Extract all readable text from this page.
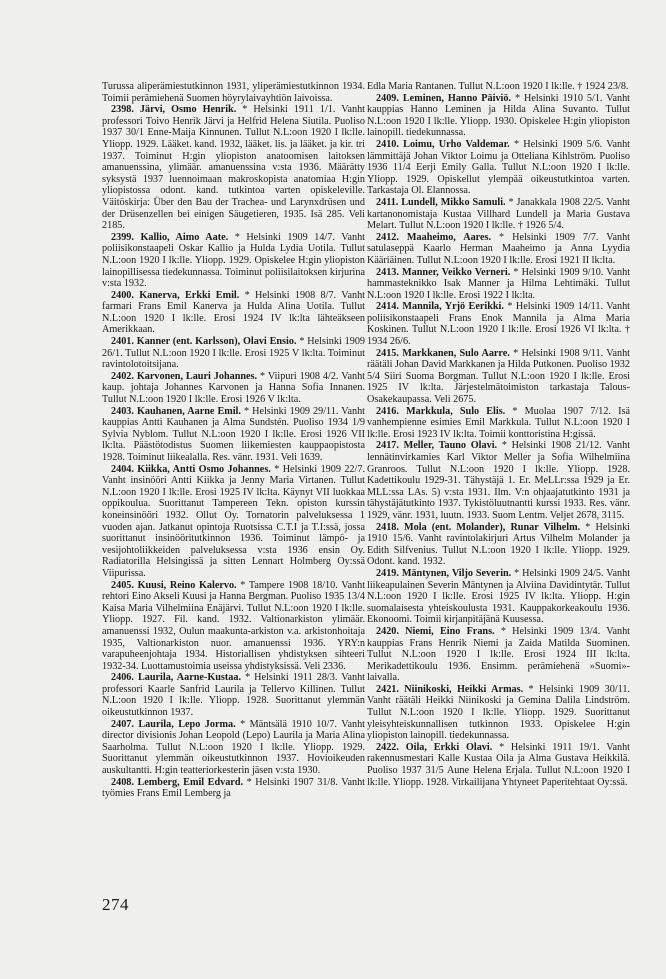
Turussa aliperämiestutkinnon 1931, yliperämiestutkinnon 1934. Toimii perämiehenä Suomen höyrylaivayhtiön laivoissa.

2398. Järvi, Osmo Henrik. * Helsinki 1911 1/1. Vanht professori Toivo Henrik Järvi ja Helfrid Helena Siutila. Puoliso 1937 30/1 Enne-Maija Kinnunen. Tullut N.L:oon 1920 I lk:lle. Yliopp. 1929. Lääket. kand. 1932, lääket. lis. ja lääket. ja kir. tri 1937. Toiminut H:gin yliopiston anatoomisen laitoksen amanuenssina, ylimäär. amanuenssina v:sta 1936. Määrätty syksystä 1937 luennoimaan makroskopista anatomiaa H:gin yliopistossa odont. kand. tutkintoa varten opiskeleville. Väitöskirja: Über den Bau der Trachea- und Larynxdrüsen und der Drüsenzellen bei einigen Säugetieren, 1935. Isä 285. Veli 2185.

2399. Kallio, Aimo Aate. * Helsinki 1909 14/7. Vanht poliisikonstaapeli Oskar Kallio ja Hulda Lydia Uotila. Tullut N.L:oon 1920 I lk:lle. Yliopp. 1929. Opiskelee H:gin yliopiston lainopillisessa tiedekunnassa. Toiminut poliisilaitoksen kirjurina v:sta 1932.

2400. Kanerva, Erkki Emil. * Helsinki 1908 8/7. Vanht farmari Frans Emil Kanerva ja Hulda Alina Uotila. Tullut N.L:oon 1920 I lk:lle. Erosi 1924 IV lk:lta lähteäkseen Amerikkaan.

2401. Kanner (ent. Karlsson), Olavi Ensio. * Helsinki 1909 26/1. Tullut N.L:oon 1920 I lk:lle. Erosi 1925 V lk:lta. Toiminut ravintolotoitsijana.

2402. Karvonen, Lauri Johannes. * Viipuri 1908 4/2. Vanht kaup. johtaja Johannes Karvonen ja Hanna Sofia Innanen. Tullut N.L:oon 1920 I lk:lle. Erosi 1926 V lk:lta.

2403. Kauhanen, Aarne Emil. * Helsinki 1909 29/11. Vanht kauppias Antti Kauhanen ja Alma Sundstén. Puoliso 1934 1/9 Sylvia Nyblom. Tullut N.L:oon 1920 I lk:lle. Erosi 1926 VII lk:lta. Päästötodistus Suomen liikemiesten kauppaopistosta 1928. Toiminut liikealalla. Res. vänr. 1931. Veli 1639.

2404. Kiikka, Antti Osmo Johannes. * Helsinki 1909 22/7. Vanht insinööri Antti Kiikka ja Jenny Maria Virtanen. Tullut N.L:oon 1920 I lk:lle. Erosi 1925 IV lk:lta. Käynyt VII luokkaa oppikoulua. Suorittanut Tampereen Tekn. opiston kurssin koneinsinööri 1932. Ollut Oy. Tornatorin palveluksessa 1 vuoden ajan. Jatkanut opintoja Ruotsissa C.T.I ja T.I:ssä, jossa suorittanut insinööritutkinnon 1936. Toiminut lämpö- ja vesijohtoliikkeiden palveluksessa v:sta 1936 ensin Oy. Radiatorilla Helsingissä ja sitten Lennart Holmberg Oy:ssä Viipurissa.

2405. Kuusi, Reino Kalervo. * Tampere 1908 18/10. Vanht rehtori Eino Akseli Kuusi ja Hanna Bergman. Puoliso 1935 13/4 Kaisa Maria Vilhelmiina Enäjärvi. Tullut N.L:oon 1920 I lk:lle. Yliopp. 1927. Fil. kand. 1932. Valtionarkiston ylimäär. amanuenssi 1932, Oulun maakunta-arkiston v.a. arkistonhoitaja 1935, Valtionarkiston nuor. amanuenssi 1936. YRY:n varapuheenjohtaja 1934. Historiallisen yhdistyksen sihteeri 1932-34. Luottamustoimia useissa yhdistyksissä. Veli 2336.

2406. Laurila, Aarne-Kustaa. * Helsinki 1911 28/3. Vanht professori Kaarle Sanfrid Laurila ja Tellervo Killinen. Tullut N.L:oon 1920 I lk:lle. Yliopp. 1928. Suorittanut ylemmän oikeustutkinnon 1937.

2407. Laurila, Lepo Jorma. * Mäntsälä 1910 10/7. Vanht director divisionis Johan Leopold (Lepo) Laurila ja Maria Alina Saarholma. Tullut N.L:oon 1920 I lk:lle. Yliopp. 1929. Suorittanut ylemmän oikeustutkinnon 1937. Hovioikeuden auskultantti. H:gin teatteriorkesterin jäsen v:sta 1930.

2408. Lemberg, Emil Edvard. * Helsinki 1907 31/8. Vanht työmies Frans Emil Lemberg ja

Edla Maria Rantanen. Tullut N.L:oon 1920 I lk:lle. † 1924 23/8.

2409. Leminen, Hanno Päiviö. * Helsinki 1910 5/1. Vanht kauppias Hanno Leminen ja Hilda Alina Suvanto. Tullut N.L:oon 1920 I lk:lle. Yliopp. 1930. Opiskelee H:gin yliopiston lainopill. tiedekunnassa.

2410. Loimu, Urho Valdemar. * Helsinki 1909 5/6. Vanht lämmittäjä Johan Viktor Loimu ja Otteliana Kihlström. Puoliso 1936 11/4 Eerji Emily Galla. Tullut N.L:oon 1920 I lk:lle. Yliopp. 1929. Opiskellut ylempää oikeustutkintoa varten. Tarkastaja Ol. Elannossa.

2411. Lundell, Mikko Samuli. * Janakkala 1908 22/5. Vanht kartanonomistaja Kustaa Villhard Lundell ja Maria Gustava Melart. Tullut N.L:oon 1920 I lk:lle. † 1926 5/4.

2412. Maaheimo, Aares. * Helsinki 1909 7/7. Vanht satulaseppä Kaarlo Herman Maaheimo ja Anna Lyydia Kääriäinen. Tullut N.L:oon 1920 I lk:lle. Erosi 1921 II lk:lta.

2413. Manner, Veikko Verneri. * Helsinki 1909 9/10. Vanht hammasteknikko Isak Manner ja Hilma Lehtimäki. Tullut N.L:oon 1920 I lk:lle. Erosi 1922 I lk:lta.

2414. Mannila, Yrjö Eerikki. * Helsinki 1909 14/11. Vanht poliisikonstaapeli Frans Enok Mannila ja Alma Maria Koskinen. Tullut N.L:oon 1920 I lk:lle. Erosi 1926 VI lk:lta. † 1934 26/6.

2415. Markkanen, Sulo Aarre. * Helsinki 1908 9/11. Vanht räätäli Johan David Markkanen ja Hilda Putkonen. Puoliso 1932 5/4 Siiri Suoma Borgman. Tullut N.L:oon 1920 I lk:lle. Erosi 1925 IV lk:lta. Järjestelmätoimiston tarkastaja Talous-Osakekaupassa. Veli 2675.

2416. Markkula, Sulo Elis. * Muolaa 1907 7/12. Isä vanhempienne esimies Emil Markkula. Tullut N.L:oon 1920 I lk:lle. Erosi 1923 IV lk:lta. Toimii konttoristina H:gissä.

2417. Meller, Tauno Olavi. * Helsinki 1908 21/12. Vanht lennätinvirkamies Karl Viktor Meller ja Sofia Wilhelmiina Granroos. Tullut N.L:oon 1920 I lk:lle. Yliopp. 1928. Kadettikoulu 1929-31. Tähystäjä 1. Er. MeLLr:ssa 1929 ja Er. MLL:ssa LAs. 5) v:sta 1931. Ilm. V:n ohjaajatutkinto 1931 ja tähystäjätutkinto 1937. Tykistöluutnantti kurssi 1933. Res. vänr. 1929, vänr. 1931, luutn. 1933. Suom Lentm. Veljet 2678, 3115.

2418. Mola (ent. Molander), Runar Vilhelm. * Helsinki 1910 15/6. Vanht ravintolakirjuri Artus Vilhelm Molander ja Edith Silfvenius. Tullut N.L:oon 1920 I lk:lle. Yliopp. 1929. Odont. kand. 1932.

2419. Mäntynen, Viljo Severin. * Helsinki 1909 24/5. Vanht liikeapulainen Severin Mäntynen ja Alviina Davidintytär. Tullut N.L:oon 1920 I lk:lle. Erosi 1925 IV lk:lta. Yliopp. H:gin suomalaisesta yhteiskoulusta 1931. Kauppakorkeakoulu 1936. Ekonoomi. Toimii kirjanpitäjänä Kuusessa.

2420. Niemi, Eino Frans. * Helsinki 1909 13/4. Vanht kauppias Frans Henrik Niemi ja Zaida Matilda Suominen. Tullut N.L:oon 1920 I lk:lle. Erosi 1924 III lk:lta. Merikadettikoulu 1936. Ensimm. perämiehenä »Suomi»-laivalla.

2421. Niinikoski, Heikki Armas. * Helsinki 1909 30/11. Vanht räätäli Heikki Niinikoski ja Gemina Dalila Lindström. Tullut N.L:oon 1920 I lk:lle. Yliopp. 1929. Suorittanut yleisyhteiskunnallisen tutkinnon 1933. Opiskelee H:gin yliopiston lainopill. tiedekunnassa.

2422. Oila, Erkki Olavi. * Helsinki 1911 19/1. Vanht rakennusmestari Kalle Kustaa Oila ja Alma Gustava Heikkilä. Puoliso 1937 31/5 Aune Helena Erjala. Tullut N.L:oon 1920 I lk:lle. Yliopp. 1928. Virkailijana Yhtyneet Paperitehtaat Oy:ssä.

274
